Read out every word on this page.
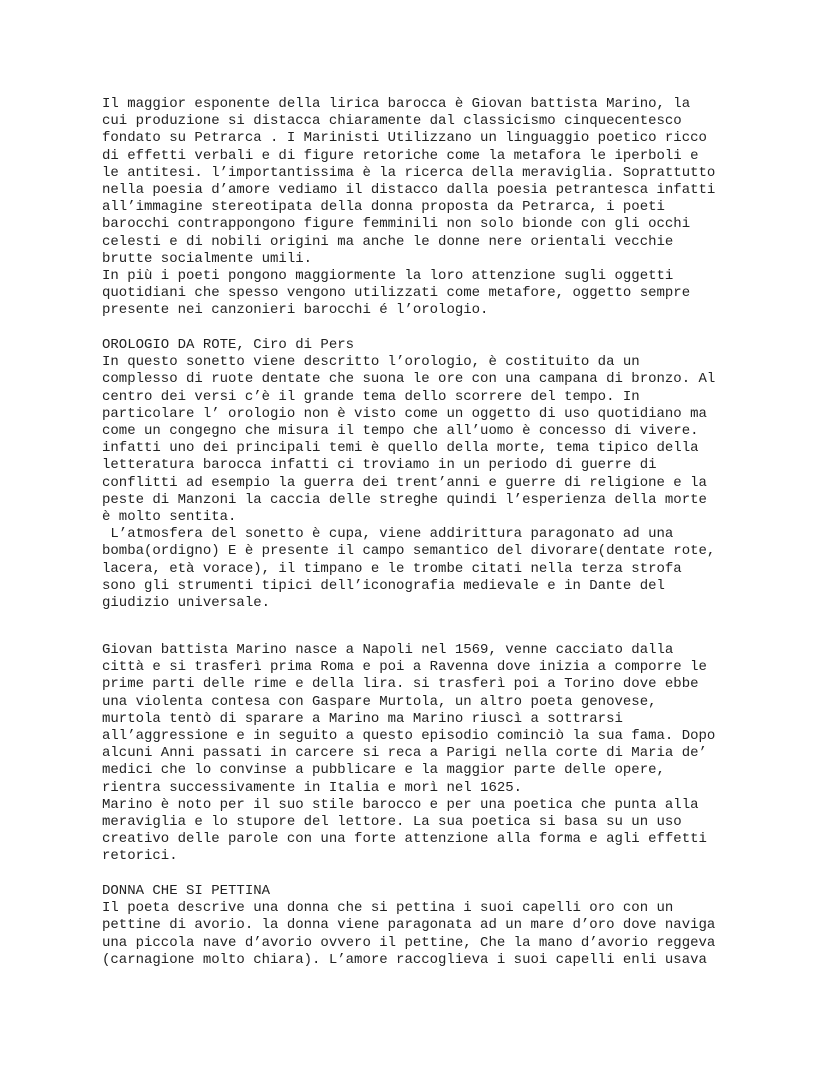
Il maggior esponente della lirica barocca è Giovan battista Marino, la
cui produzione si distacca chiaramente dal classicismo cinquecentesco
fondato su Petrarca . I Marinisti Utilizzano un linguaggio poetico ricco
di effetti verbali e di figure retoriche come la metafora le iperboli e
le antitesi. l’importantissima è la ricerca della meraviglia. Soprattutto
nella poesia d’amore vediamo il distacco dalla poesia petrantesca infatti
all’immagine stereotipata della donna proposta da Petrarca, i poeti
barocchi contrappongono figure femminili non solo bionde con gli occhi
celesti e di nobili origini ma anche le donne nere orientali vecchie
brutte socialmente umili.
In più i poeti pongono maggiormente la loro attenzione sugli oggetti
quotidiani che spesso vengono utilizzati come metafore, oggetto sempre
presente nei canzonieri barocchi é l’orologio.
OROLOGIO DA ROTE, Ciro di Pers
In questo sonetto viene descritto l’orologio, è costituito da un
complesso di ruote dentate che suona le ore con una campana di bronzo. Al
centro dei versi c’è il grande tema dello scorrere del tempo. In
particolare l’ orologio non è visto come un oggetto di uso quotidiano ma
come un congegno che misura il tempo che all’uomo è concesso di vivere.
infatti uno dei principali temi è quello della morte, tema tipico della
letteratura barocca infatti ci troviamo in un periodo di guerre di
conflitti ad esempio la guerra dei trent’anni e guerre di religione e la
peste di Manzoni la caccia delle streghe quindi l’esperienza della morte
è molto sentita.
L’atmosfera del sonetto è cupa, viene addirittura paragonato ad una
bomba(ordigno) E è presente il campo semantico del divorare(dentate rote,
lacera, età vorace), il timpano e le trombe citati nella terza strofa
sono gli strumenti tipici dell’iconografia medievale e in Dante del
giudizio universale.
Giovan battista Marino nasce a Napoli nel 1569, venne cacciato dalla
città e si trasferì prima Roma e poi a Ravenna dove inizia a comporre le
prime parti delle rime e della lira. si trasferì poi a Torino dove ebbe
una violenta contesa con Gaspare Murtola, un altro poeta genovese,
murtola tentò di sparare a Marino ma Marino riuscì a sottrarsi
all’aggressione e in seguito a questo episodio cominciò la sua fama. Dopo
alcuni Anni passati in carcere si reca a Parigi nella corte di Maria de’
medici che lo convinse a pubblicare e la maggior parte delle opere,
rientra successivamente in Italia e morì nel 1625.
Marino è noto per il suo stile barocco e per una poetica che punta alla
meraviglia e lo stupore del lettore. La sua poetica si basa su un uso
creativo delle parole con una forte attenzione alla forma e agli effetti
retorici.
DONNA CHE SI PETTINA
Il poeta descrive una donna che si pettina i suoi capelli oro con un
pettine di avorio. la donna viene paragonata ad un mare d’oro dove naviga
una piccola nave d’avorio ovvero il pettine, Che la mano d’avorio reggeva
(carnagione molto chiara). L’amore raccoglieva i suoi capelli enli usava
